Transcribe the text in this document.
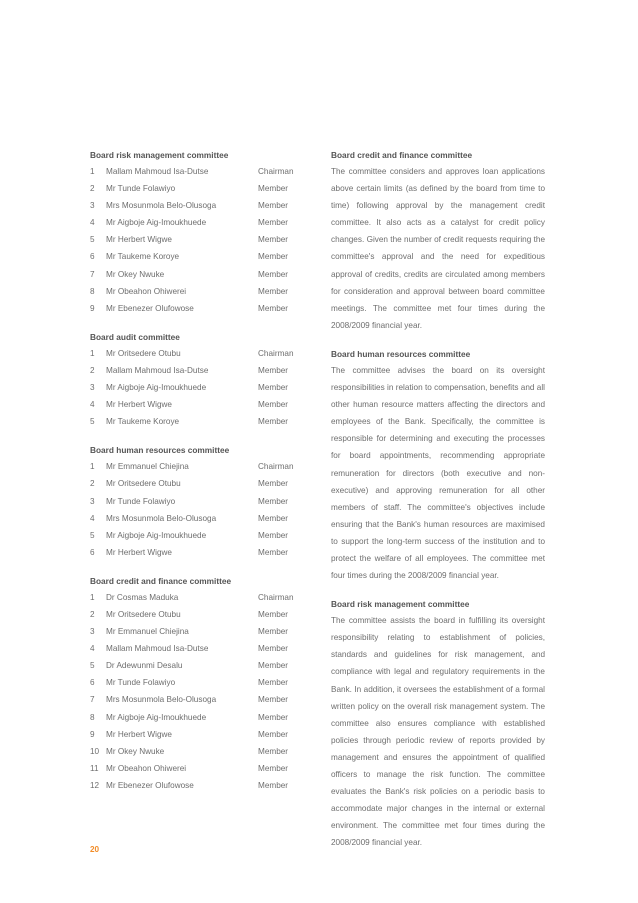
Board risk management committee
1 Mallam Mahmoud Isa-Dutse	Chairman
2 Mr Tunde Folawiyo	Member
3 Mrs Mosunmola Belo-Olusoga	Member
4 Mr Aigboje Aig-Imoukhuede	Member
5 Mr Herbert Wigwe	Member
6 Mr Taukeme Koroye	Member
7 Mr Okey Nwuke	Member
8 Mr Obeahon Ohiwerei	Member
9 Mr Ebenezer Olufowose	Member
Board audit committee
1 Mr Oritsedere Otubu	Chairman
2 Mallam Mahmoud Isa-Dutse	Member
3 Mr Aigboje Aig-Imoukhuede	Member
4 Mr Herbert Wigwe	Member
5 Mr Taukeme Koroye	Member
Board human resources committee
1 Mr Emmanuel Chiejina	Chairman
2 Mr Oritsedere Otubu	Member
3 Mr Tunde Folawiyo	Member
4 Mrs Mosunmola Belo-Olusoga	Member
5 Mr Aigboje Aig-Imoukhuede	Member
6 Mr Herbert Wigwe	Member
Board credit and finance committee
1 Dr Cosmas Maduka	Chairman
2 Mr Oritsedere Otubu	Member
3 Mr Emmanuel Chiejina	Member
4 Mallam Mahmoud Isa-Dutse	Member
5 Dr Adewunmi Desalu	Member
6 Mr Tunde Folawiyo	Member
7 Mrs Mosunmola Belo-Olusoga	Member
8 Mr Aigboje Aig-Imoukhuede	Member
9 Mr Herbert Wigwe	Member
10 Mr Okey Nwuke	Member
11 Mr Obeahon Ohiwerei	Member
12 Mr Ebenezer Olufowose	Member
Board credit and finance committee

The committee considers and approves loan applications above certain limits (as defined by the board from time to time) following approval by the management credit committee. It also acts as a catalyst for credit policy changes. Given the number of credit requests requiring the committee's approval and the need for expeditious approval of credits, credits are circulated among members for consideration and approval between board committee meetings. The committee met four times during the 2008/2009 financial year.

Board human resources committee

The committee advises the board on its oversight responsibilities in relation to compensation, benefits and all other human resource matters affecting the directors and employees of the Bank. Specifically, the committee is responsible for determining and executing the processes for board appointments, recommending appropriate remuneration for directors (both executive and non-executive) and approving remuneration for all other members of staff. The committee's objectives include ensuring that the Bank's human resources are maximised to support the long-term success of the institution and to protect the welfare of all employees. The committee met four times during the 2008/2009 financial year.

Board risk management committee

The committee assists the board in fulfilling its oversight responsibility relating to establishment of policies, standards and guidelines for risk management, and compliance with legal and regulatory requirements in the Bank. In addition, it oversees the establishment of a formal written policy on the overall risk management system. The committee also ensures compliance with established policies through periodic review of reports provided by management and ensures the appointment of qualified officers to manage the risk function. The committee evaluates the Bank's risk policies on a periodic basis to accommodate major changes in the internal or external environment. The committee met four times during the 2008/2009 financial year.

20
